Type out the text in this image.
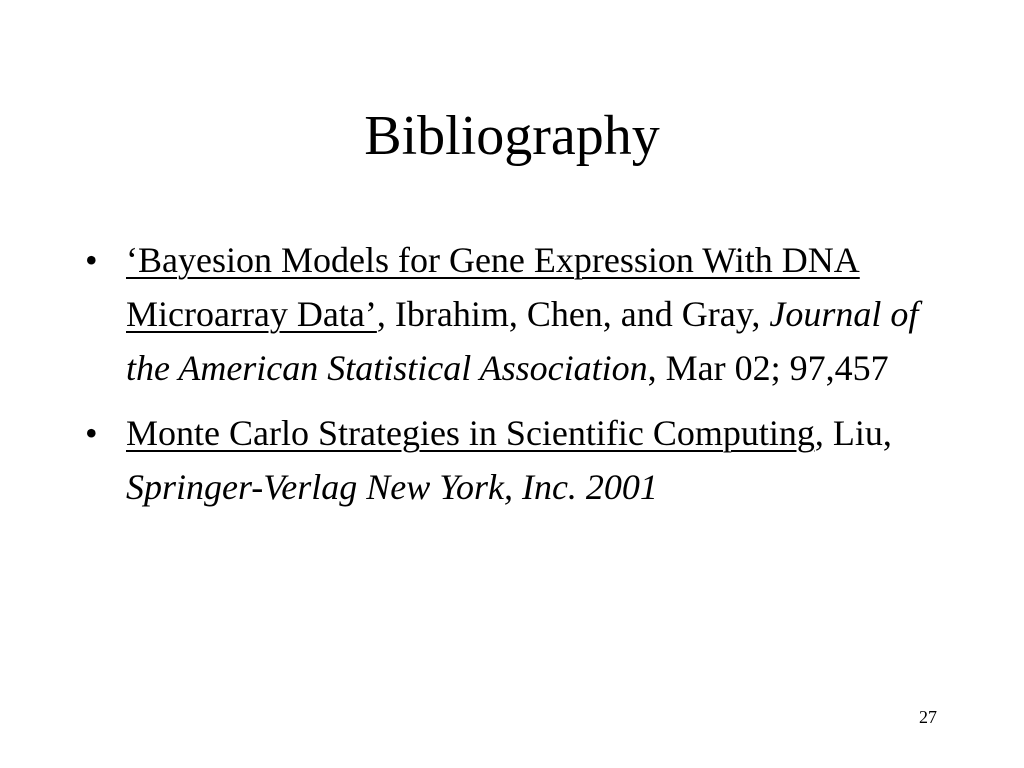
Bibliography
• ‘Bayesion Models for Gene Expression With DNA Microarray Data’, Ibrahim, Chen, and Gray, Journal of the American Statistical Association, Mar 02; 97,457
• Monte Carlo Strategies in Scientific Computing, Liu, Springer-Verlag New York, Inc. 2001
27
